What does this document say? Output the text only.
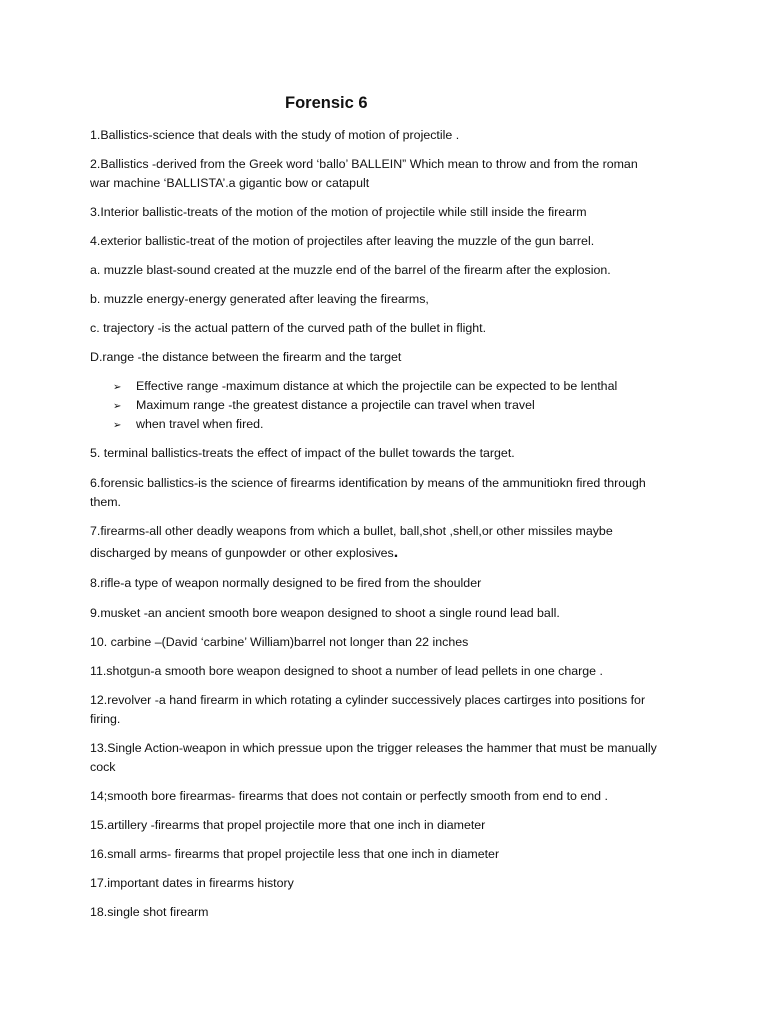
Forensic 6
1.Ballistics-science that deals with the study of motion of projectile .
2.Ballistics -derived from the Greek word ‘ballo’ BALLEIN” Which mean to throw and from the roman
war machine ‘BALLISTA’.a gigantic bow or catapult
3.Interior ballistic-treats of the motion of the motion of projectile while still inside the firearm
4.exterior ballistic-treat of the motion of projectiles after leaving the muzzle of the gun barrel.
a. muzzle blast-sound created at the muzzle end of the barrel of the firearm after the explosion.
b. muzzle energy-energy generated after leaving the firearms,
c. trajectory -is the actual pattern of the curved path of the bullet in flight.
D.range -the distance between the firearm and the target
➢ Effective range -maximum distance at which the projectile can be expected to be lenthal
➢ Maximum range -the greatest distance a projectile can travel when travel
➢ when travel when fired.
5. terminal ballistics-treats the effect of impact of the bullet towards the target.
6.forensic ballistics-is the science of firearms identification by means of the ammunitiokn fired through
them.
7.firearms-all other deadly weapons from which a bullet, ball,shot ,shell,or other missiles maybe
discharged by means of gunpowder or other explosives.
8.rifle-a type of weapon normally designed to be fired from the shoulder
9.musket -an ancient smooth bore weapon designed to shoot a single round lead ball.
10. carbine –(David ‘carbine’ William)barrel not longer than 22 inches
11.shotgun-a smooth bore weapon designed to shoot a number of lead pellets in one charge .
12.revolver -a hand firearm in which rotating a cylinder successively places cartirges into positions for
firing.
13.Single Action-weapon in which pressue upon the trigger releases the hammer that must be manually
cock
14;smooth bore firearmas- firearms that does not contain or perfectly smooth from end to end .
15.artillery -firearms that propel projectile more that one inch in diameter
16.small arms- firearms that propel projectile less that one inch in diameter
17.important dates in firearms history
18.single shot firearm
